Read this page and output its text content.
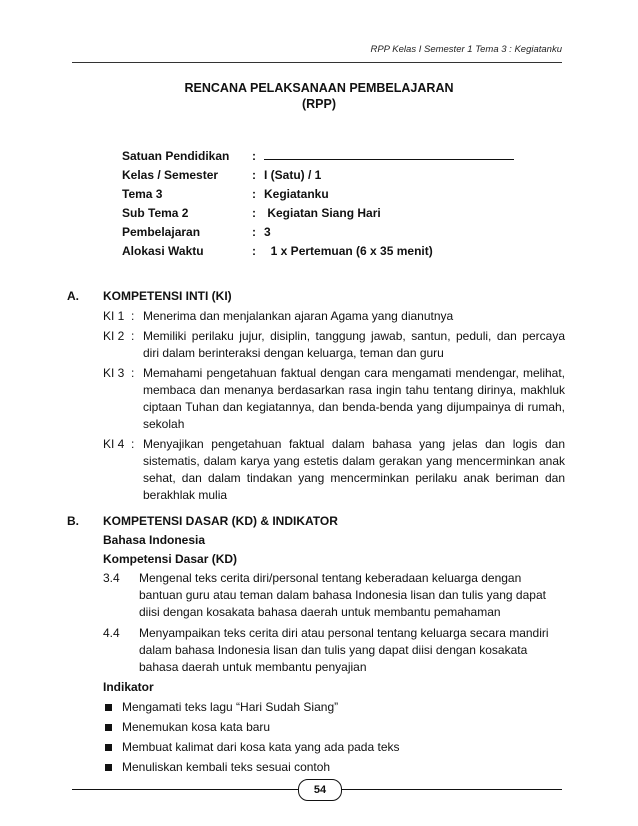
RPP Kelas I Semester 1 Tema 3 : Kegiatanku
RENCANA PELAKSANAAN PEMBELAJARAN
(RPP)
Satuan Pendidikan	:
Kelas / Semester	: I (Satu) / 1
Tema 3	: Kegiatanku
Sub Tema 2	: Kegiatan Siang Hari
Pembelajaran	: 3
Alokasi Waktu	: 1 x Pertemuan (6 x 35 menit)
A.	KOMPETENSI INTI (KI)
KI 1 : Menerima dan menjalankan ajaran Agama yang dianutnya
KI 2 : Memiliki perilaku jujur, disiplin, tanggung jawab, santun, peduli, dan percaya diri dalam berinteraksi dengan keluarga, teman dan guru
KI 3 : Memahami pengetahuan faktual dengan cara mengamati mendengar, melihat, membaca dan menanya berdasarkan rasa ingin tahu tentang dirinya, makhluk ciptaan Tuhan dan kegiatannya, dan benda-benda yang dijumpainya di rumah, sekolah
KI 4 : Menyajikan pengetahuan faktual dalam bahasa yang jelas dan logis dan sistematis, dalam karya yang estetis dalam gerakan yang mencerminkan anak sehat, dan dalam tindakan yang mencerminkan perilaku anak beriman dan berakhlak mulia
B.	KOMPETENSI DASAR (KD) & INDIKATOR
Bahasa Indonesia
Kompetensi Dasar (KD)
3.4	Mengenal teks cerita diri/personal tentang keberadaan keluarga dengan bantuan guru atau teman dalam bahasa Indonesia lisan dan tulis yang dapat diisi dengan kosakata bahasa daerah untuk membantu pemahaman
4.4	Menyampaikan teks cerita diri atau personal tentang keluarga secara mandiri dalam bahasa Indonesia lisan dan tulis yang dapat diisi dengan kosakata bahasa daerah untuk membantu penyajian
Indikator
Mengamati teks lagu “Hari Sudah Siang”
Menemukan kosa kata baru
Membuat kalimat dari kosa kata yang ada pada teks
Menuliskan kembali teks sesuai contoh
54
